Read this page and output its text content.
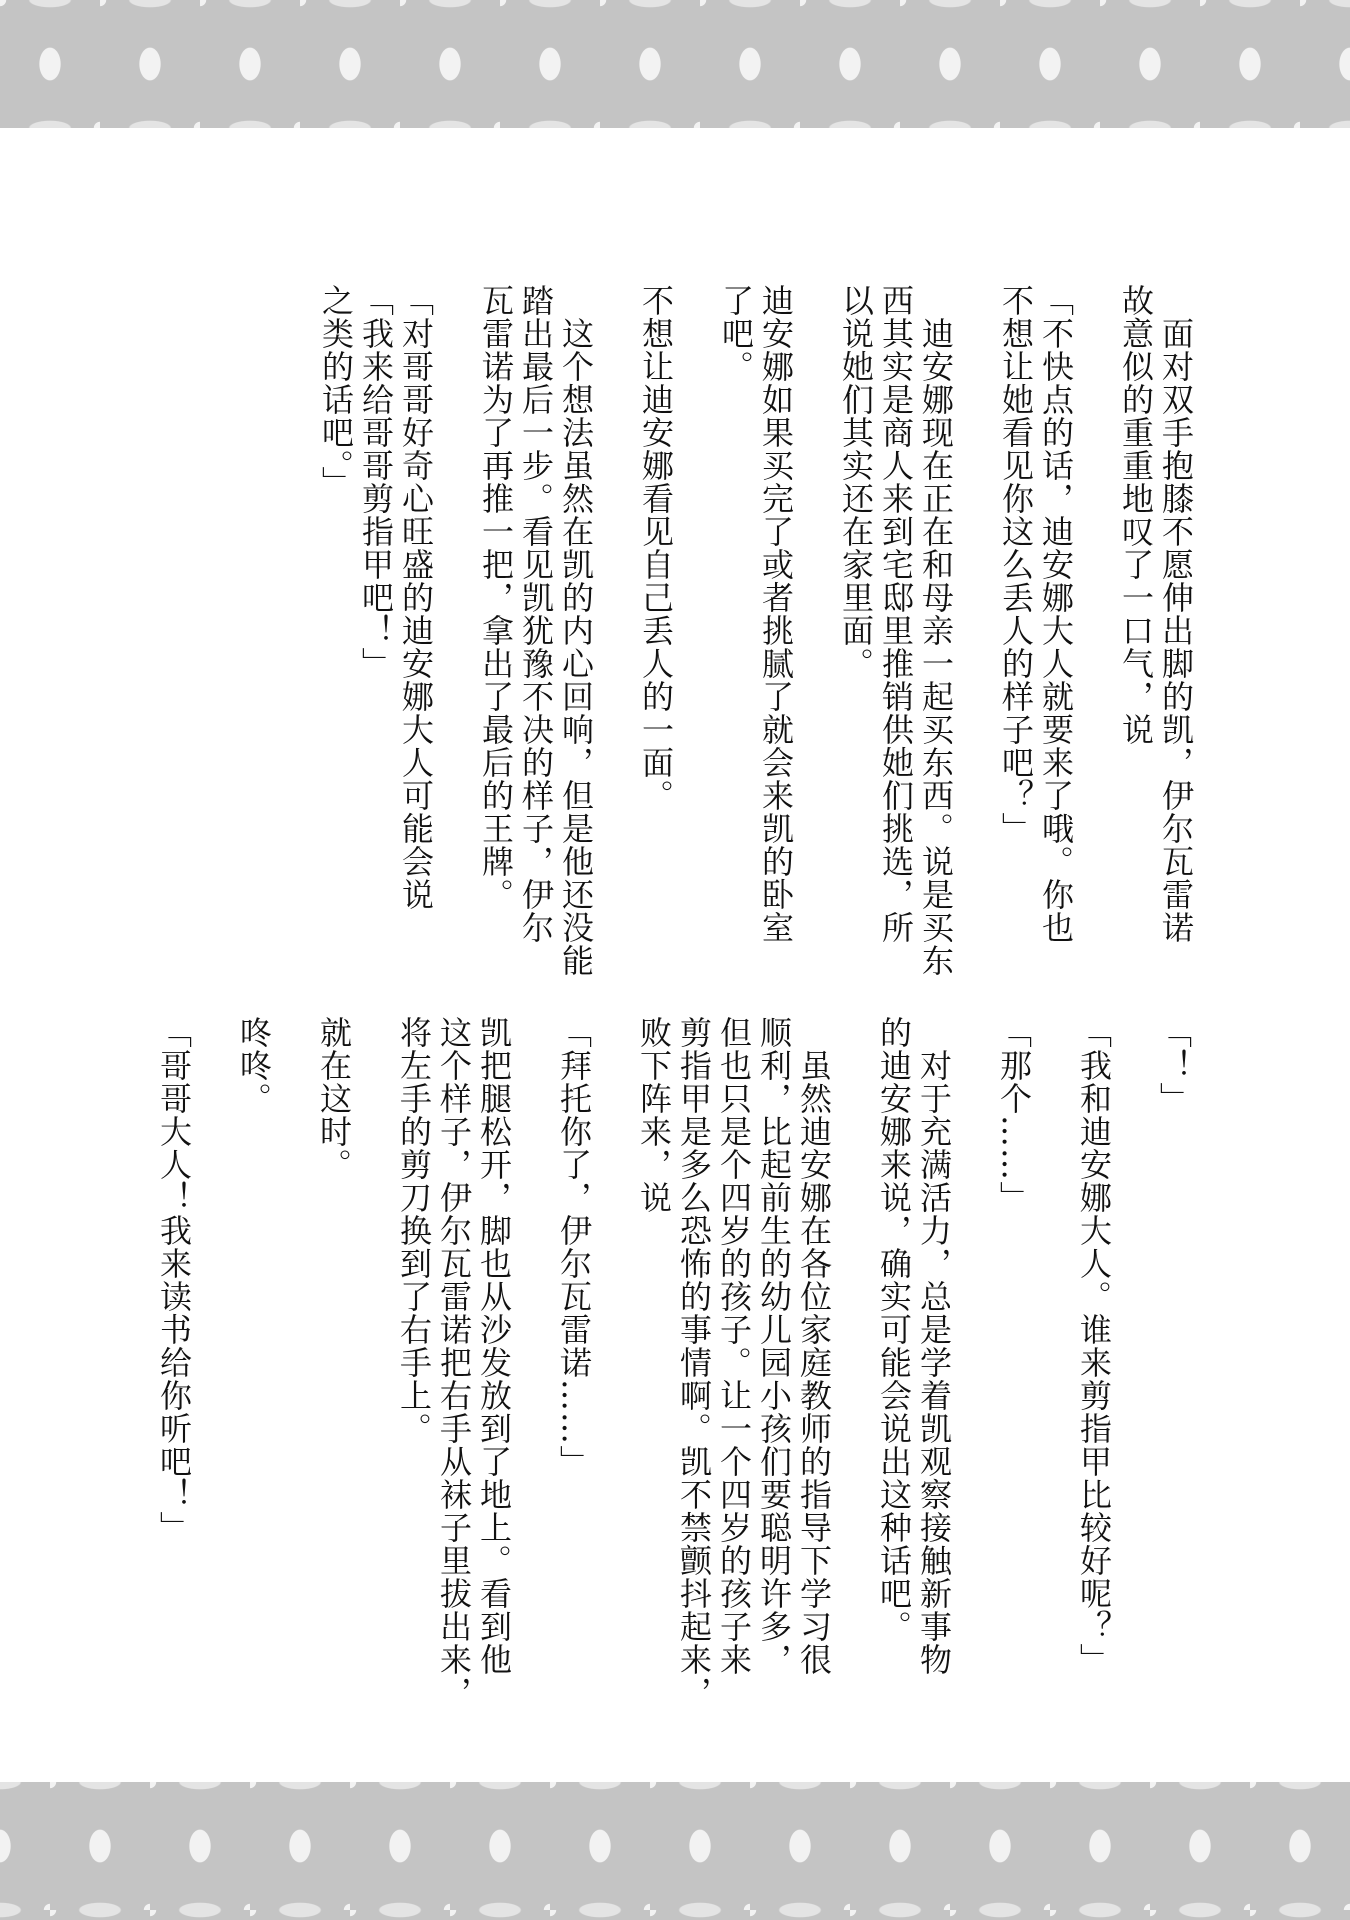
面对双手抱膝不愿伸出脚的凯，伊尔瓦雷诺
故意似的重重地叹了一口气，说
「不快点的话，迪安娜大人就要来了哦。你也
不想让她看见你这么丢人的样子吧？」
迪安娜现在正在和母亲一起买东西。说是买东
西其实是商人来到宅邸里推销供她们挑选，所
以说她们其实还在家里面。
迪安娜如果买完了或者挑腻了就会来凯的卧室
了吧。
不想让迪安娜看见自己丢人的一面。
这个想法虽然在凯的内心回响，但是他还没能
踏出最后一步。看见凯犹豫不决的样子，伊尔
瓦雷诺为了再推一把，拿出了最后的王牌。
「对哥哥好奇心旺盛的迪安娜大人可能会说
「我来给哥哥剪指甲吧！」
之类的话吧。」
「！」
「我和迪安娜大人。谁来剪指甲比较好呢？」
「那个……」
对于充满活力，总是学着凯观察接触新事物
的迪安娜来说，确实可能会说出这种话吧。
虽然迪安娜在各位家庭教师的指导下学习很
顺利，比起前生的幼儿园小孩们要聪明许多，
但也只是个四岁的孩子。让一个四岁的孩子来
剪指甲是多么恐怖的事情啊。凯不禁颤抖起来，
败下阵来，说
「拜托你了，伊尔瓦雷诺……」
凯把腿松开，脚也从沙发放到了地上。看到他
这个样子，伊尔瓦雷诺把右手从袜子里拔出来，
将左手的剪刀换到了右手上。
就在这时。
咚咚。
「哥哥大人！我来读书给你听吧！」
